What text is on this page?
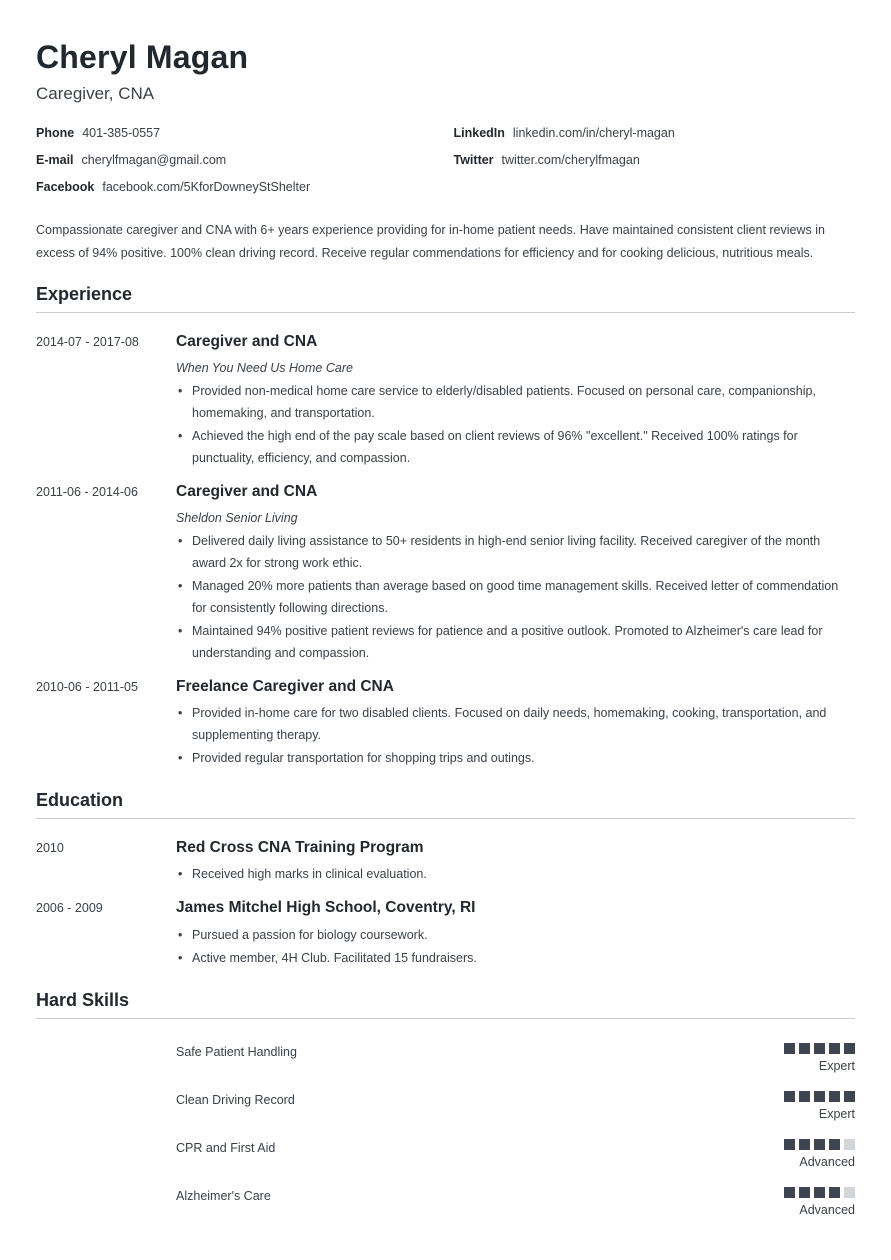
Cheryl Magan
Caregiver, CNA
Phone 401-385-0557
E-mail cherylfmagan@gmail.com
Facebook facebook.com/5KforDowneyStShelter
LinkedIn linkedin.com/in/cheryl-magan
Twitter twitter.com/cherylfmagan
Compassionate caregiver and CNA with 6+ years experience providing for in-home patient needs. Have maintained consistent client reviews in excess of 94% positive. 100% clean driving record. Receive regular commendations for efficiency and for cooking delicious, nutritious meals.
Experience
2014-07 - 2017-08	Caregiver and CNA
When You Need Us Home Care
• Provided non-medical home care service to elderly/disabled patients. Focused on personal care, companionship, homemaking, and transportation.
• Achieved the high end of the pay scale based on client reviews of 96% "excellent." Received 100% ratings for punctuality, efficiency, and compassion.
2011-06 - 2014-06	Caregiver and CNA
Sheldon Senior Living
• Delivered daily living assistance to 50+ residents in high-end senior living facility. Received caregiver of the month award 2x for strong work ethic.
• Managed 20% more patients than average based on good time management skills. Received letter of commendation for consistently following directions.
• Maintained 94% positive patient reviews for patience and a positive outlook. Promoted to Alzheimer's care lead for understanding and compassion.
2010-06 - 2011-05	Freelance Caregiver and CNA
• Provided in-home care for two disabled clients. Focused on daily needs, homemaking, cooking, transportation, and supplementing therapy.
• Provided regular transportation for shopping trips and outings.
Education
2010	Red Cross CNA Training Program
• Received high marks in clinical evaluation.
2006 - 2009	James Mitchel High School, Coventry, RI
• Pursued a passion for biology coursework.
• Active member, 4H Club. Facilitated 15 fundraisers.
Hard Skills
Safe Patient Handling
Expert
Clean Driving Record
Expert
CPR and First Aid
Advanced
Alzheimer's Care
Advanced
